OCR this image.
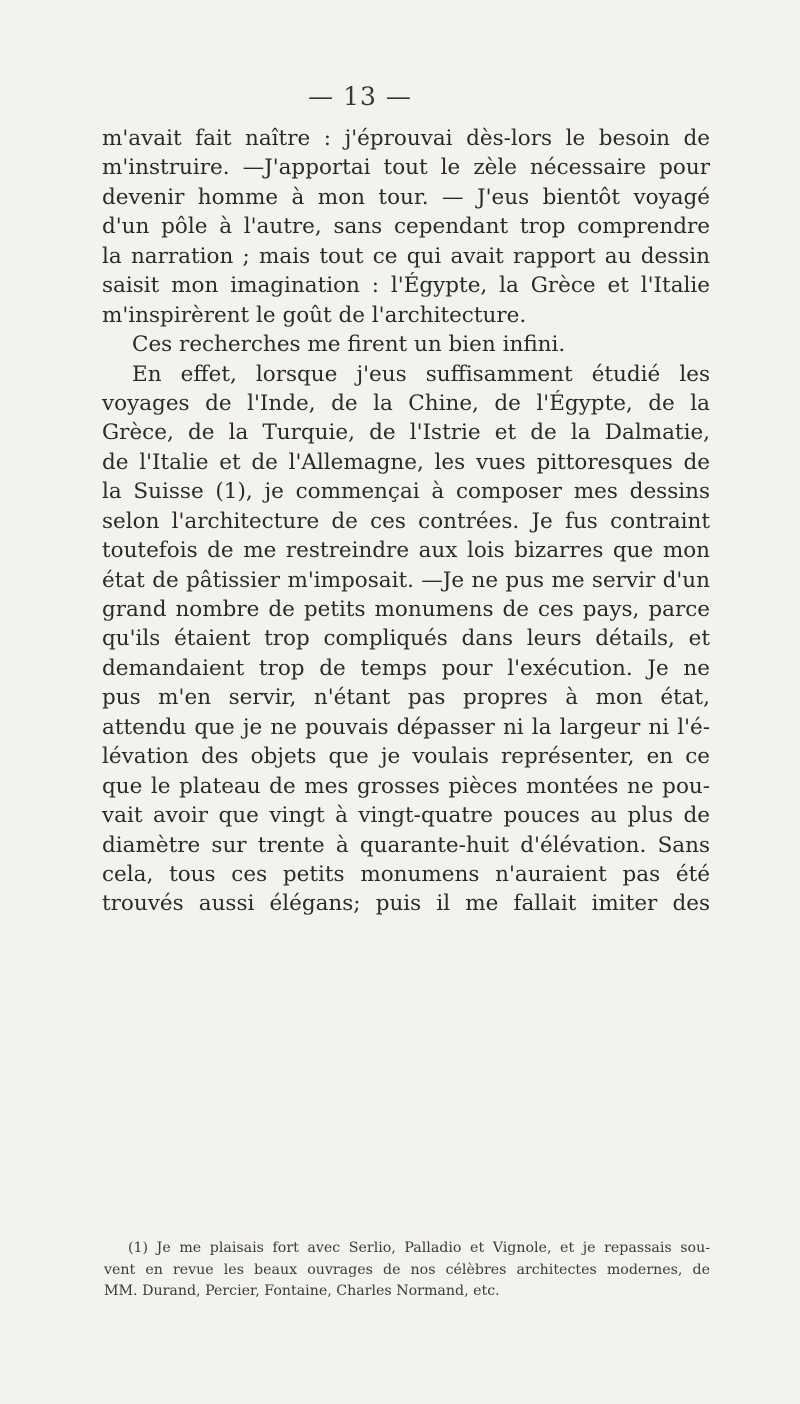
— 13 —
m'avait fait naître : j'éprouvai dès-lors le besoin de
m'instruire. —J'apportai tout le zèle nécessaire pour
devenir homme à mon tour. — J'eus bientôt voyagé
d'un pôle à l'autre, sans cependant trop comprendre
la narration ; mais tout ce qui avait rapport au dessin
saisit mon imagination : l'Égypte, la Grèce et l'Italie
m'inspirèrent le goût de l'architecture.
Ces recherches me firent un bien infini.
En effet, lorsque j'eus suffisamment étudié les
voyages de l'Inde, de la Chine, de l'Égypte, de la
Grèce, de la Turquie, de l'Istrie et de la Dalmatie,
de l'Italie et de l'Allemagne, les vues pittoresques de
la Suisse (1), je commençai à composer mes dessins
selon l'architecture de ces contrées. Je fus contraint
toutefois de me restreindre aux lois bizarres que mon
état de pâtissier m'imposait. —Je ne pus me servir d'un
grand nombre de petits monumens de ces pays, parce
qu'ils étaient trop compliqués dans leurs détails, et
demandaient trop de temps pour l'exécution. Je ne
pus m'en servir, n'étant pas propres à mon état,
attendu que je ne pouvais dépasser ni la largeur ni l'é-
lévation des objets que je voulais représenter, en ce
que le plateau de mes grosses pièces montées ne pou-
vait avoir que vingt à vingt-quatre pouces au plus de
diamètre sur trente à quarante-huit d'élévation. Sans
cela, tous ces petits monumens n'auraient pas été
trouvés aussi élégans; puis il me fallait imiter des
(1) Je me plaisais fort avec Serlio, Palladio et Vignole, et je repassais sou-
vent en revue les beaux ouvrages de nos célèbres architectes modernes, de
MM. Durand, Percier, Fontaine, Charles Normand, etc.
